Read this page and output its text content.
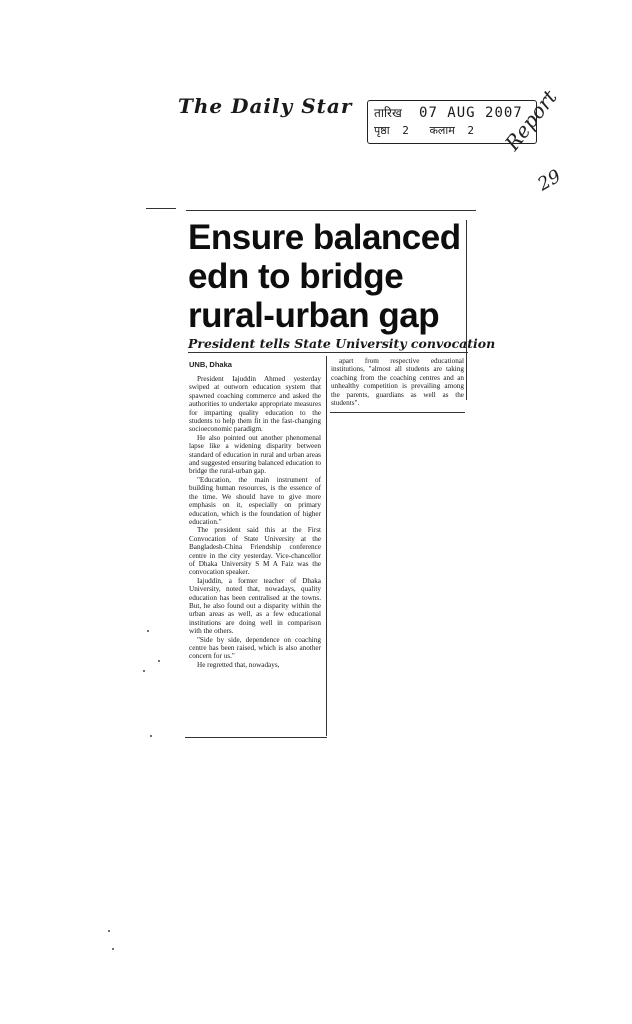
The Daily Star तारिख 07 AUG 2007
पृष्ठा 2 कलाम 2 Report
29
Ensure balanced edn to bridge rural-urban gap
President tells State University convocation
UNB, Dhaka

President Iajuddin Ahmed yesterday swiped at outworn education system that spawned coaching commerce and asked the authorities to undertake appropriate measures for imparting quality education to the students to help them fit in the fast-changing socioeconomic paradigm.

He also pointed out another phenomenal lapse like a widening disparity between standard of education in rural and urban areas and suggested ensuring balanced education to bridge the rural-urban gap.

"Education, the main instrument of building human resources, is the essence of the time. We should have to give more emphasis on it, especially on primary education, which is the foundation of higher education."

The president said this at the First Convocation of State University at the Bangladesh-China Friendship conference centre in the city yesterday. Vice-chancellor of Dhaka University S M A Faiz was the convocation speaker.

Iajuddin, a former teacher of Dhaka University, noted that, nowadays, quality education has been centralised at the towns. But, he also found out a disparity within the urban areas as well, as a few educational institutions are doing well in comparison with the others.

"Side by side, dependence on coaching centre has been raised, which is also another concern for us."

He regretted that, nowadays,

apart from respective educational institutions, "almost all students are taking coaching from the coaching centres and an unhealthy competition is prevailing among the parents, guardians as well as the students".
